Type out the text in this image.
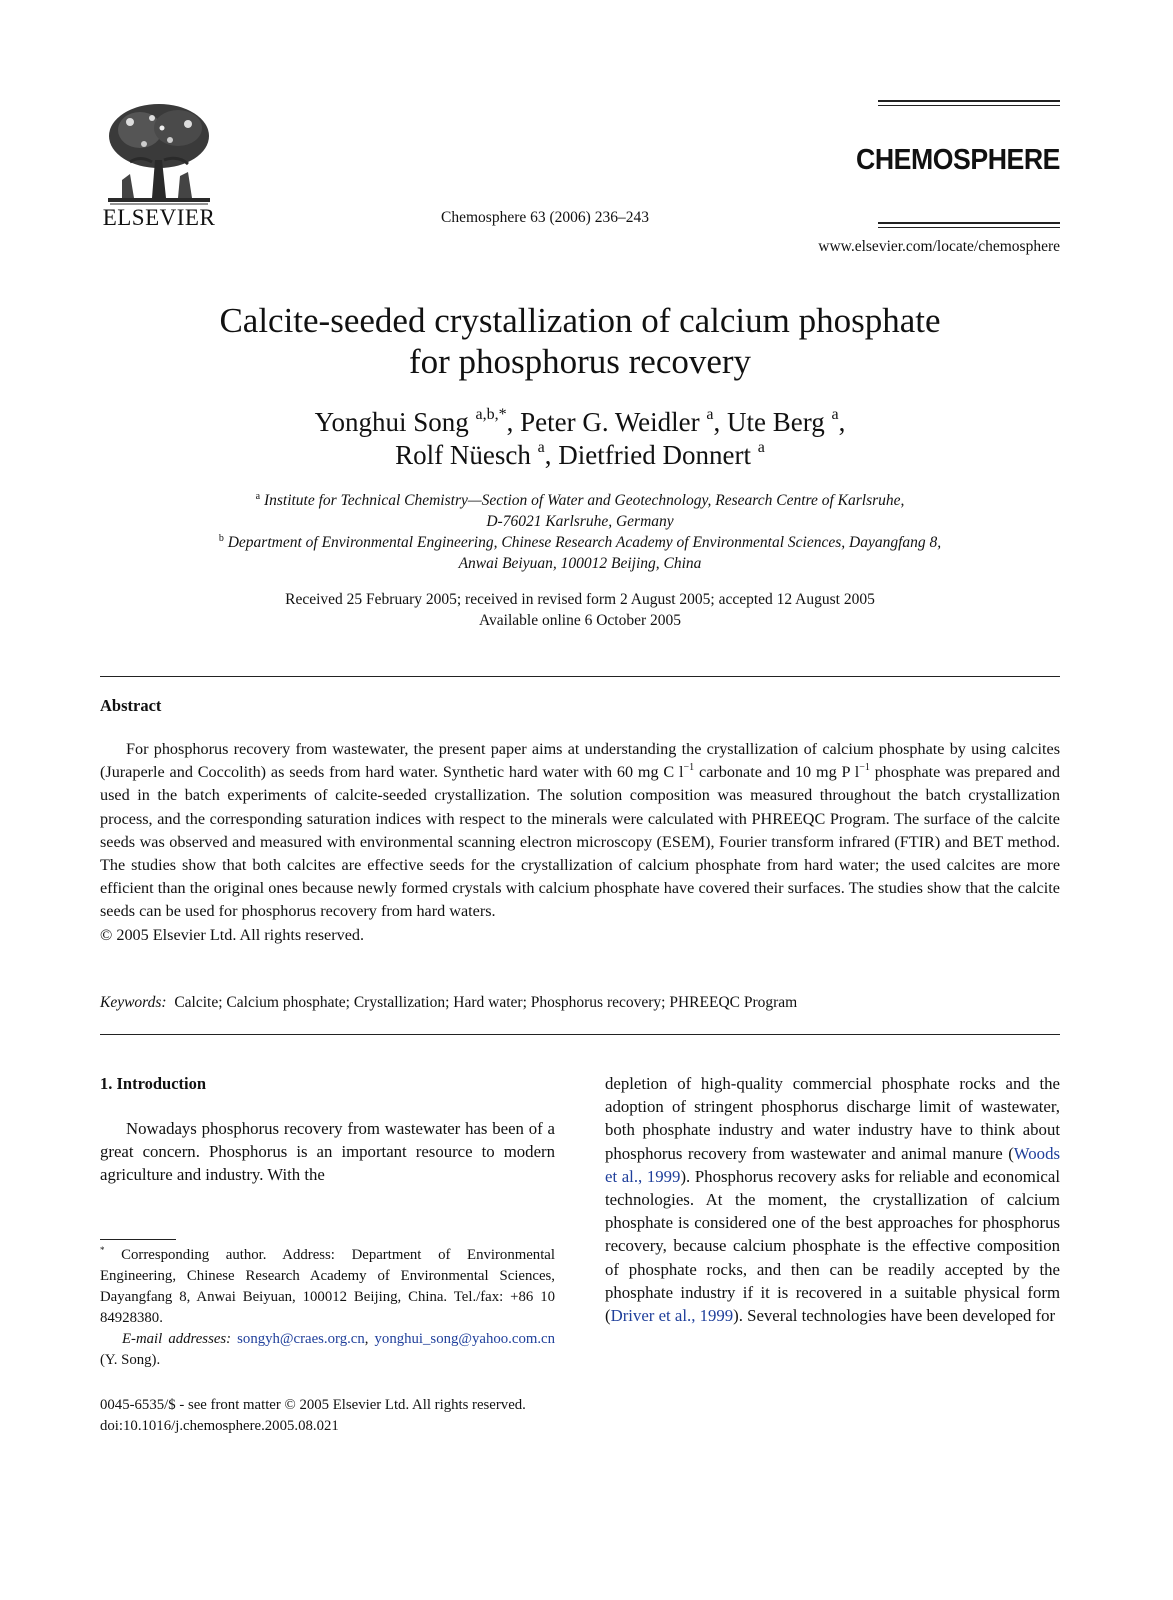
ELSEVIER	Chemosphere 63 (2006) 236–243
CHEMOSPHERE
www.elsevier.com/locate/chemosphere
Calcite-seeded crystallization of calcium phosphate
for phosphorus recovery
Yonghui Song $^{a,b,*}$, Peter G. Weidler $^a$, Ute Berg $^a$,
Rolf Nüesch $^a$, Dietfried Donnert $^a$
$^a$ Institute for Technical Chemistry—Section of Water and Geotechnology, Research Centre of Karlsruhe,
D-76021 Karlsruhe, Germany
$^b$ Department of Environmental Engineering, Chinese Research Academy of Environmental Sciences, Dayangfang 8,
Anwai Beiyuan, 100012 Beijing, China
Received 25 February 2005; received in revised form 2 August 2005; accepted 12 August 2005
Available online 6 October 2005
Abstract
For phosphorus recovery from wastewater, the present paper aims at understanding the crystallization of calcium phosphate by using calcites (Juraperle and Coccolith) as seeds from hard water. Synthetic hard water with 60 mg C $l^{-1}$ carbonate and 10 mg P $l^{-1}$ phosphate was prepared and used in the batch experiments of calcite-seeded crystallization. The solution composition was measured throughout the batch crystallization process, and the corresponding saturation indices with respect to the minerals were calculated with PHREEQC Program. The surface of the calcite seeds was observed and measured with environmental scanning electron microscopy (ESEM), Fourier transform infrared (FTIR) and BET method. The studies show that both calcites are effective seeds for the crystallization of calcium phosphate from hard water; the used calcites are more efficient than the original ones because newly formed crystals with calcium phosphate have covered their surfaces. The studies show that the calcite seeds can be used for phosphorus recovery from hard waters.
© 2005 Elsevier Ltd. All rights reserved.
Keywords: Calcite; Calcium phosphate; Crystallization; Hard water; Phosphorus recovery; PHREEQC Program

1. Introduction

Nowadays phosphorus recovery from wastewater has been of a great concern. Phosphorus is an important resource to modern agriculture and industry. With the

depletion of high-quality commercial phosphate rocks and the adoption of stringent phosphorus discharge limit of wastewater, both phosphate industry and water industry have to think about phosphorus recovery from wastewater and animal manure (Woods et al., 1999). Phosphorus recovery asks for reliable and economical technologies. At the moment, the crystallization of calcium phosphate is considered one of the best approaches for phosphorus recovery, because calcium phosphate is the effective composition of phosphate rocks, and then can be readily accepted by the phosphate industry if it is recovered in a suitable physical form (Driver et al., 1999). Several technologies have been developed for

* Corresponding author. Address: Department of Environmental Engineering, Chinese Research Academy of Environmental Sciences, Dayangfang 8, Anwai Beiyuan, 100012 Beijing, China. Tel./fax: +86 10 84928380.
E-mail addresses: songyh@craes.org.cn, yonghui_song@yahoo.com.cn (Y. Song).
0045-6535/$ - see front matter © 2005 Elsevier Ltd. All rights reserved.
doi:10.1016/j.chemosphere.2005.08.021
